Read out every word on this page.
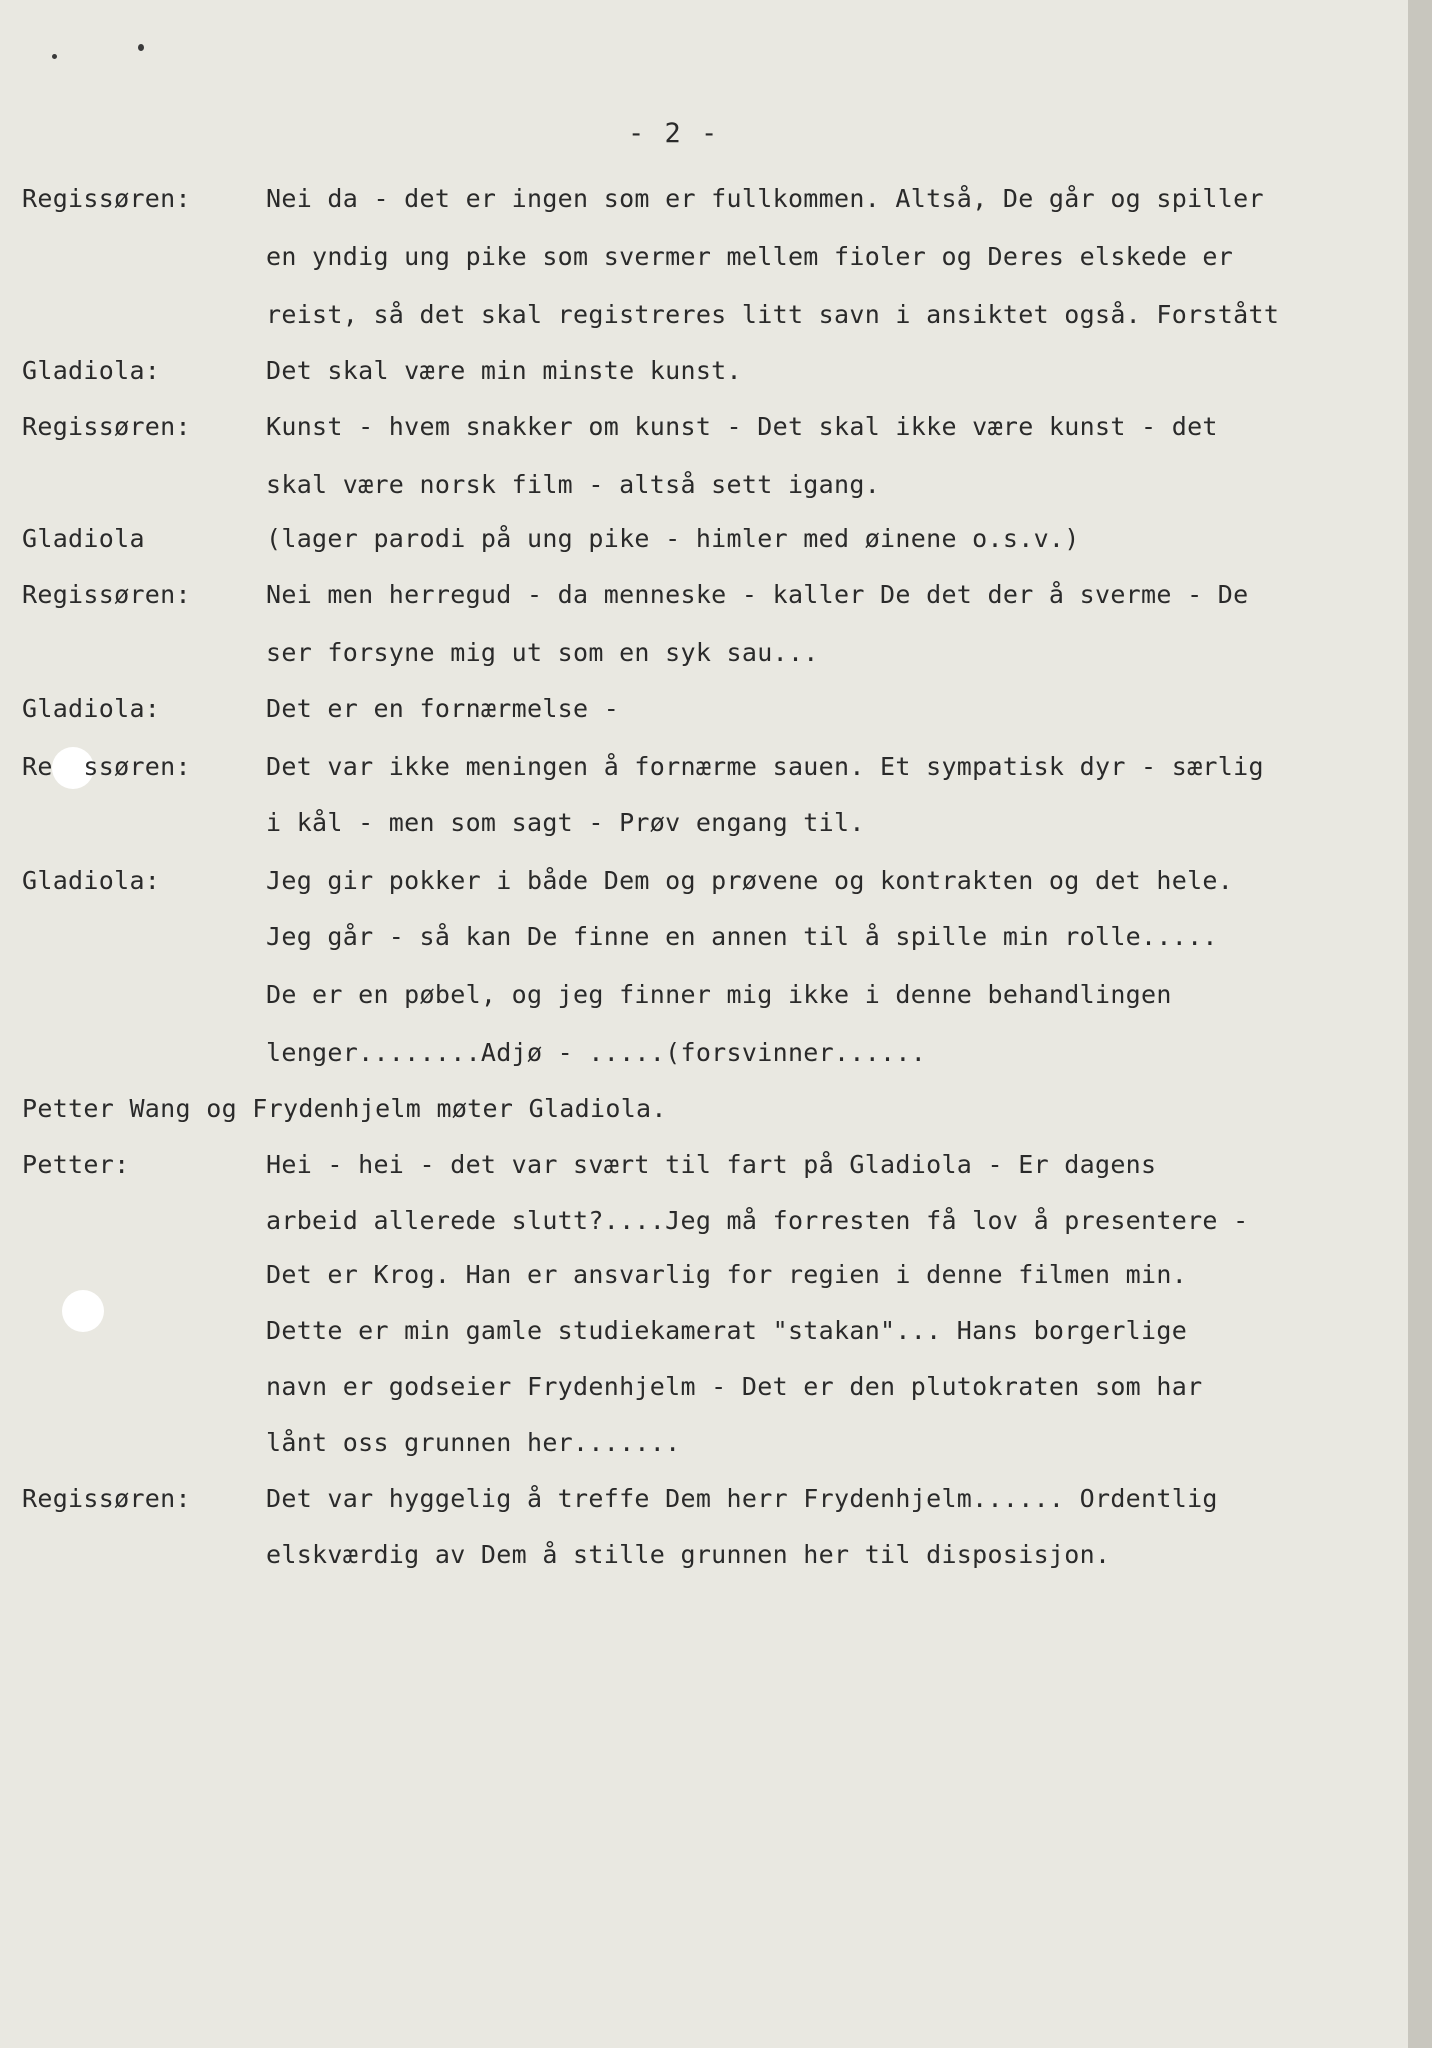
- 2 -
Regissøren:	Nei da - det er ingen som er fullkommen. Altså, De går og spiller
en yndig ung pike som svermer mellem fioler og Deres elskede er
reist, så det skal registreres litt savn i ansiktet også. Forstått
Gladiola:	Det skal være min minste kunst.
Regissøren:	Kunst - hvem snakker om kunst - Det skal ikke være kunst - det
skal være norsk film - altså sett igang.
Gladiola	(lager parodi på ung pike - himler med øinene o.s.v.)
Regissøren:	Nei men herregud - da menneske - kaller De det der å sverme - De
ser forsyne mig ut som en syk sau...
Gladiola:	Det er en fornærmelse -
Re  ssøren:	Det var ikke meningen å fornærme sauen. Et sympatisk dyr - særlig
i kål - men som sagt - Prøv engang til.
Gladiola:	Jeg gir pokker i både Dem og prøvene og kontrakten og det hele.
Jeg går - så kan De finne en annen til å spille min rolle.....
De er en pøbel, og jeg finner mig ikke i denne behandlingen
lenger........Adjø - .....(forsvinner......
Petter Wang og Frydenhjelm møter Gladiola.
Petter:	Hei - hei - det var svært til fart på Gladiola - Er dagens
arbeid allerede slutt?....Jeg må forresten få lov å presentere -
Det er Krog. Han er ansvarlig for regien i denne filmen min.
Dette er min gamle studiekamerat "stakan"... Hans borgerlige
navn er godseier Frydenhjelm - Det er den plutokraten som har
lånt oss grunnen her.......
Regissøren:	Det var hyggelig å treffe Dem herr Frydenhjelm...... Ordentlig
elskværdig av Dem å stille grunnen her til disposisjon.
